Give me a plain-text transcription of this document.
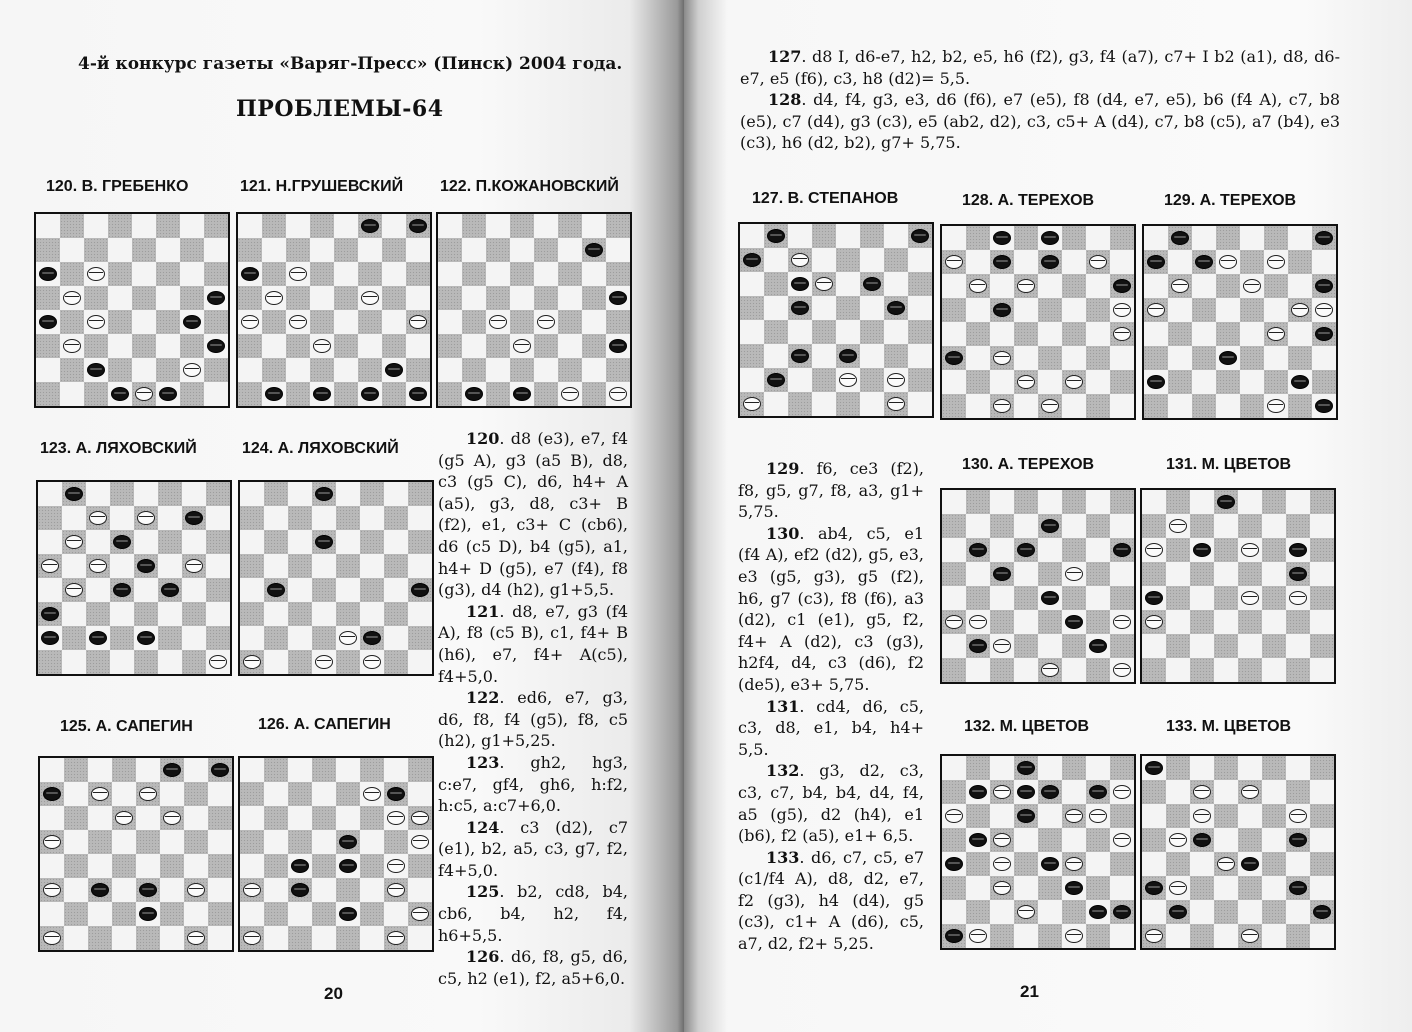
4-й конкурс газеты «Варяг-Пресс» (Пинск) 2004 года.
ПРОБЛЕМЫ-64
120. В. ГРЕБЕНКО	121. Н.ГРУШЕВСКИЙ 122. П.КОЖАНОВСКИЙ
123. А. ЛЯХОВСКИЙ	124. А. ЛЯХОВСКИЙ
125. А. САПЕГИН	126. А. САПЕГИН

120. d8 (e3), e7, f4 (g5 A), g3 (a5 B), d8, c3 (g5 C), d6, h4+ A (a5), g3, d8, c3+ B (f2), e1, c3+ C (cb6), d6 (c5 D), b4 (g5), a1, h4+ D (g5), e7 (f4), f8 (g3), d4 (h2), g1+5,5.

121. d8, e7, g3 (f4 A), f8 (c5 B), c1, f4+ B (h6), e7, f4+ A(c5), f4+5,0.

122. ed6, e7, g3, d6, f8, f4 (g5), f8, c5 (h2), g1+5,25.

123. gh2, hg3, c:e7, gf4, gh6, h:f2, h:c5, a:c7+6,0.

124. c3 (d2), c7 (e1), b2, a5, c3, g7, f2, f4+5,0.

125. b2, cd8, b4, cb6, b4, h2, f4, h6+5,5.

126. d6, f8, g5, d6, c5, h2 (e1), f2, a5+6,0.

20	21

127. d8 I, d6-e7, h2, b2, e5, h6 (f2), g3, f4 (a7), c7+ I b2 (a1), d8, d6-e7, e5 (f6), c3, h8 (d2)= 5,5.

128. d4, f4, g3, e3, d6 (f6), e7 (e5), f8 (d4, e7, e5), b6 (f4 A), c7, b8 (e5), c7 (d4), g3 (c3), e5 (ab2, d2), c3, c5+ A (d4), c7, b8 (c5), a7 (b4), e3 (c3), h6 (d2, b2), g7+ 5,75.

127. В. СТЕПАНОВ	128. А. ТЕРЕХОВ	129. А. ТЕРЕХОВ
130. А. ТЕРЕХОВ	131. М. ЦВЕТОВ
132. М. ЦВЕТОВ	133. М. ЦВЕТОВ

129. f6, ce3 (f2), f8, g5, g7, f8, a3, g1+ 5,75.

130. ab4, c5, e1 (f4 A), ef2 (d2), g5, e3, e3 (g5, g3), g5 (f2), h6, g7 (c3), f8 (f6), a3 (d2), c1 (e1), g5, f2, f4+ A (d2), c3 (g3), h2f4, d4, c3 (d6), f2 (de5), e3+ 5,75.

131. cd4, d6, c5, c3, d8, e1, b4, h4+ 5,5.

132. g3, d2, c3, c3, c7, b4, b4, d4, f4, a5 (g5), d2 (h4), e1 (b6), f2 (a5), e1+ 6,5.

133. d6, c7, c5, e7 (c1/f4 A), d8, d2, e7, f2 (g3), h4 (d4), g5 (c3), c1+ A (d6), c5, a7, d2, f2+ 5,25.
